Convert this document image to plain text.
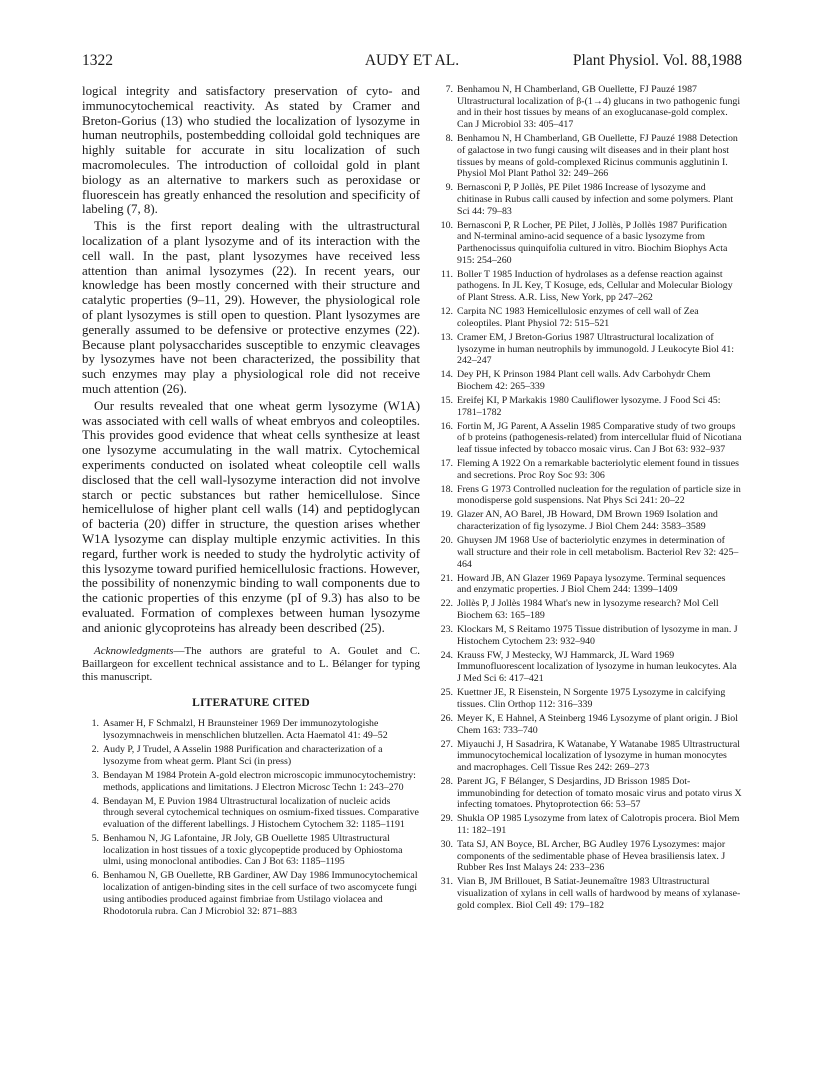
1322	AUDY ET AL.	Plant Physiol. Vol. 88,1988

logical integrity and satisfactory preservation of cyto- and immunocytochemical reactivity. As stated by Cramer and Breton-Gorius (13) who studied the localization of lysozyme in human neutrophils, postembedding colloidal gold techniques are highly suitable for accurate in situ localization of such macromolecules. The introduction of colloidal gold in plant biology as an alternative to markers such as peroxidase or fluorescein has greatly enhanced the resolution and specificity of labeling (7, 8).

This is the first report dealing with the ultrastructural localization of a plant lysozyme and of its interaction with the cell wall. In the past, plant lysozymes have received less attention than animal lysozymes (22). In recent years, our knowledge has been mostly concerned with their structure and catalytic properties (9–11, 29). However, the physiological role of plant lysozymes is still open to question. Plant lysozymes are generally assumed to be defensive or protective enzymes (22). Because plant polysaccharides susceptible to enzymic cleavages by lysozymes have not been characterized, the possibility that such enzymes may play a physiological role did not receive much attention (26).

Our results revealed that one wheat germ lysozyme (W1A) was associated with cell walls of wheat embryos and coleoptiles. This provides good evidence that wheat cells synthesize at least one lysozyme accumulating in the wall matrix. Cytochemical experiments conducted on isolated wheat coleoptile cell walls disclosed that the cell wall-lysozyme interaction did not involve starch or pectic substances but rather hemicellulose. Since hemicellulose of higher plant cell walls (14) and peptidoglycan of bacteria (20) differ in structure, the question arises whether W1A lysozyme can display multiple enzymic activities. In this regard, further work is needed to study the hydrolytic activity of this lysozyme toward purified hemicellulosic fractions. However, the possibility of nonenzymic binding to wall components due to the cationic properties of this enzyme (pI of 9.3) has also to be evaluated. Formation of complexes between human lysozyme and anionic glycoproteins has already been described (25).

Acknowledgments—The authors are grateful to A. Goulet and C. Baillargeon for excellent technical assistance and to L. Bélanger for typing this manuscript.

LITERATURE CITED
1. Asamer H, F Schmalzl, H Braunsteiner 1969 Der immunozytologishe lysozymnachweis in menschlichen blutzellen. Acta Haematol 41: 49–52
2. Audy P, J Trudel, A Asselin 1988 Purification and characterization of a lysozyme from wheat germ. Plant Sci (in press)
3. Bendayan M 1984 Protein A-gold electron microscopic immunocytochemistry: methods, applications and limitations. J Electron Microsc Techn 1: 243–270
4. Bendayan M, E Puvion 1984 Ultrastructural localization of nucleic acids through several cytochemical techniques on osmium-fixed tissues. Comparative evaluation of the different labellings. J Histochem Cytochem 32: 1185–1191
5. Benhamou N, JG Lafontaine, JR Joly, GB Ouellette 1985 Ultrastructural localization in host tissues of a toxic glycopeptide produced by Ophiostoma ulmi, using monoclonal antibodies. Can J Bot 63: 1185–1195
6. Benhamou N, GB Ouellette, RB Gardiner, AW Day 1986 Immunocytochemical localization of antigen-binding sites in the cell surface of two ascomycete fungi using antibodies produced against fimbriae from Ustilago violacea and Rhodotorula rubra. Can J Microbiol 32: 871–883
7. Benhamou N, H Chamberland, GB Ouellette, FJ Pauzé 1987 Ultrastructural localization of β-(1→4) glucans in two pathogenic fungi and in their host tissues by means of an exoglucanase-gold complex. Can J Microbiol 33: 405–417
8. Benhamou N, H Chamberland, GB Ouellette, FJ Pauzé 1988 Detection of galactose in two fungi causing wilt diseases and in their plant host tissues by means of gold-complexed Ricinus communis agglutinin I. Physiol Mol Plant Pathol 32: 249–266
9. Bernasconi P, P Jollès, PE Pilet 1986 Increase of lysozyme and chitinase in Rubus calli caused by infection and some polymers. Plant Sci 44: 79–83
10. Bernasconi P, R Locher, PE Pilet, J Jollès, P Jollès 1987 Purification and N-terminal amino-acid sequence of a basic lysozyme from Parthenocissus quinquifolia cultured in vitro. Biochim Biophys Acta 915: 254–260
11. Boller T 1985 Induction of hydrolases as a defense reaction against pathogens. In JL Key, T Kosuge, eds, Cellular and Molecular Biology of Plant Stress. A.R. Liss, New York, pp 247–262
12. Carpita NC 1983 Hemicellulosic enzymes of cell wall of Zea coleoptiles. Plant Physiol 72: 515–521
13. Cramer EM, J Breton-Gorius 1987 Ultrastructural localization of lysozyme in human neutrophils by immunogold. J Leukocyte Biol 41: 242–247
14. Dey PH, K Prinson 1984 Plant cell walls. Adv Carbohydr Chem Biochem 42: 265–339
15. Ereifej KI, P Markakis 1980 Cauliflower lysozyme. J Food Sci 45: 1781–1782
16. Fortin M, JG Parent, A Asselin 1985 Comparative study of two groups of b proteins (pathogenesis-related) from intercellular fluid of Nicotiana leaf tissue infected by tobacco mosaic virus. Can J Bot 63: 932–937
17. Fleming A 1922 On a remarkable bacteriolytic element found in tissues and secretions. Proc Roy Soc 93: 306
18. Frens G 1973 Controlled nucleation for the regulation of particle size in monodisperse gold suspensions. Nat Phys Sci 241: 20–22
19. Glazer AN, AO Barel, JB Howard, DM Brown 1969 Isolation and characterization of fig lysozyme. J Biol Chem 244: 3583–3589
20. Ghuysen JM 1968 Use of bacteriolytic enzymes in determination of wall structure and their role in cell metabolism. Bacteriol Rev 32: 425–464
21. Howard JB, AN Glazer 1969 Papaya lysozyme. Terminal sequences and enzymatic properties. J Biol Chem 244: 1399–1409
22. Jollès P, J Jollès 1984 What's new in lysozyme research? Mol Cell Biochem 63: 165–189
23. Klockars M, S Reitamo 1975 Tissue distribution of lysozyme in man. J Histochem Cytochem 23: 932–940
24. Krauss FW, J Mestecky, WJ Hammarck, JL Ward 1969 Immunofluorescent localization of lysozyme in human leukocytes. Ala J Med Sci 6: 417–421
25. Kuettner JE, R Eisenstein, N Sorgente 1975 Lysozyme in calcifying tissues. Clin Orthop 112: 316–339
26. Meyer K, E Hahnel, A Steinberg 1946 Lysozyme of plant origin. J Biol Chem 163: 733–740
27. Miyauchi J, H Sasadrira, K Watanabe, Y Watanabe 1985 Ultrastructural immunocytochemical localization of lysozyme in human monocytes and macrophages. Cell Tissue Res 242: 269–273
28. Parent JG, F Bélanger, S Desjardins, JD Brisson 1985 Dot-immunobinding for detection of tomato mosaic virus and potato virus X infecting tomatoes. Phytoprotection 66: 53–57
29. Shukla OP 1985 Lysozyme from latex of Calotropis procera. Biol Mem 11: 182–191
30. Tata SJ, AN Boyce, BL Archer, BG Audley 1976 Lysozymes: major components of the sedimentable phase of Hevea brasiliensis latex. J Rubber Res Inst Malays 24: 233–236
31. Vian B, JM Brillouet, B Satiat-Jeunemaître 1983 Ultrastructural visualization of xylans in cell walls of hardwood by means of xylanase-gold complex. Biol Cell 49: 179–182
